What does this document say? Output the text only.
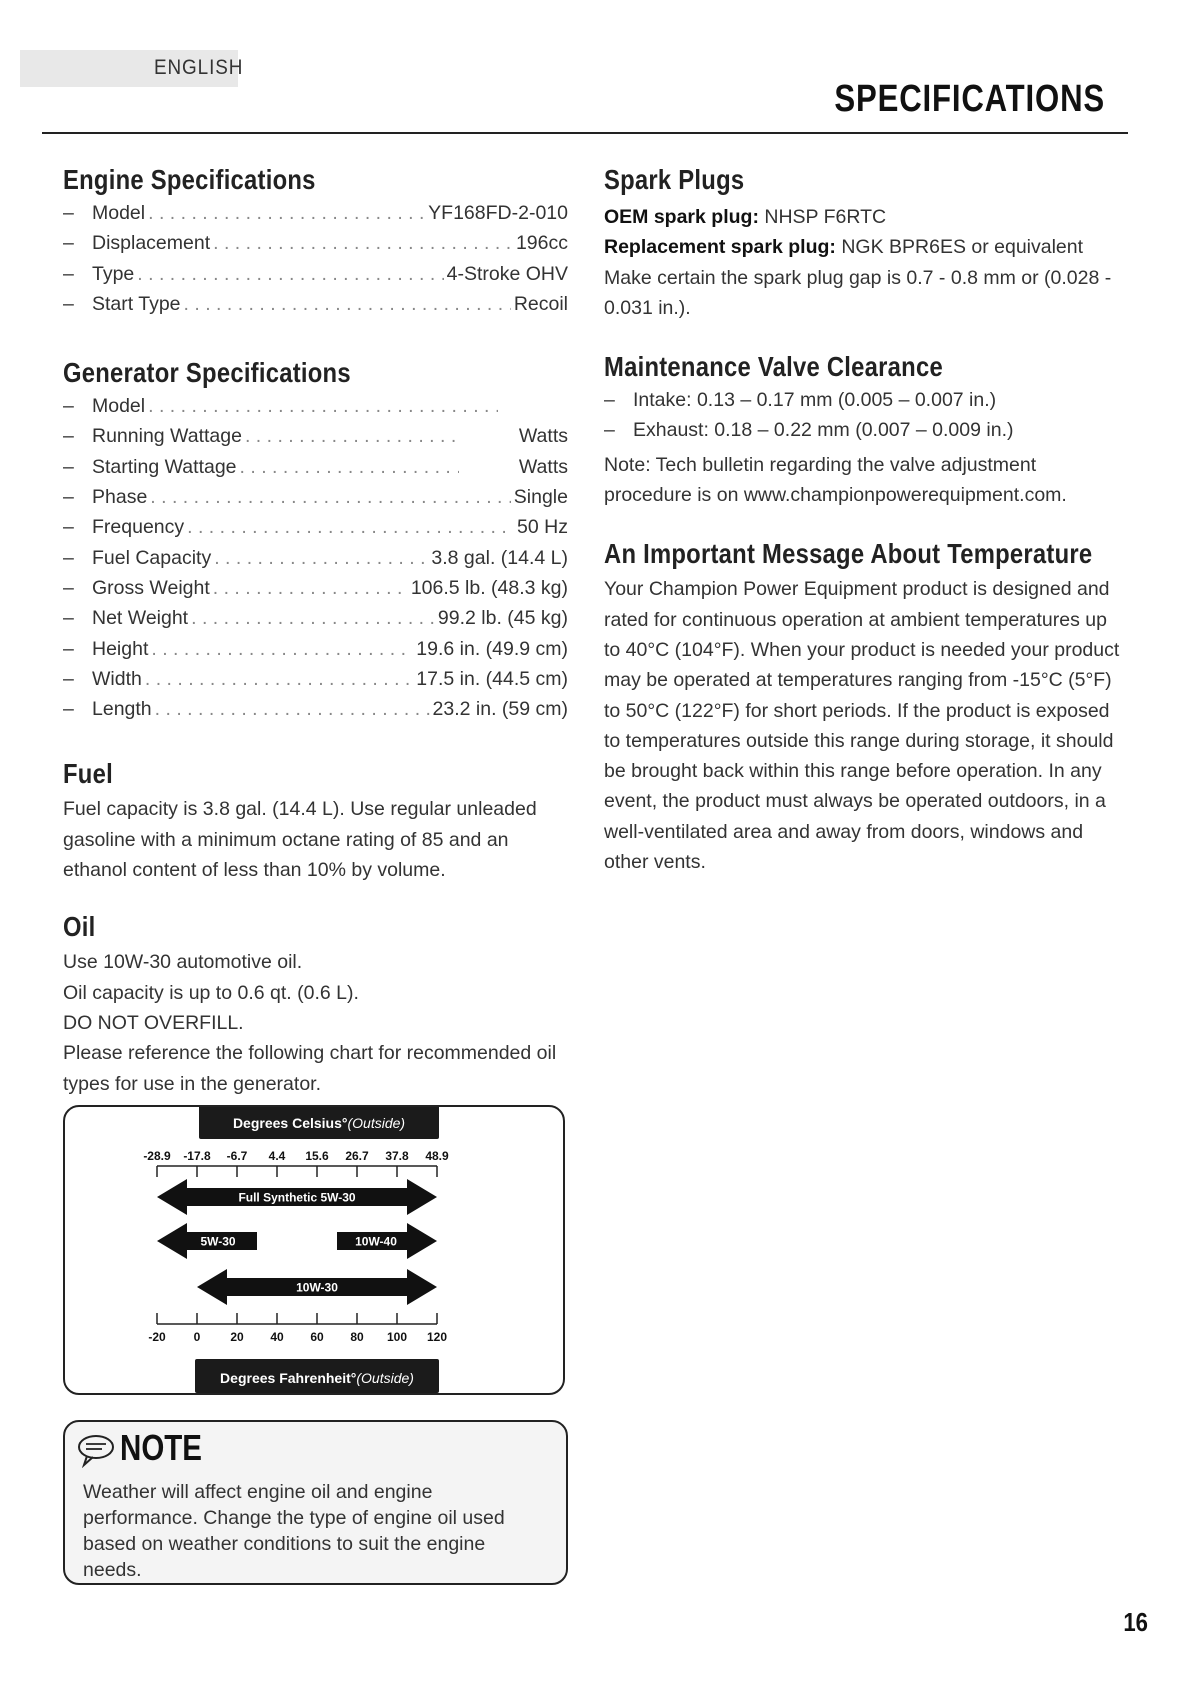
ENGLISH
SPECIFICATIONS
Engine Specifications
– Model . . .	YF168FD-2-010
– Displacement . . .	196cc
– Type . . .	4-Stroke OHV
– Start Type . . .	Recoil
Generator Specifications
– Model
. . .
– Running Wattage . . .	Watts
– Starting Wattage . . .	Watts
– Phase . . .	Single
– Frequency . . .	50 Hz
– Fuel Capacity . . .	3.8 gal. (14.4 L)
– Gross Weight . . .	106.5 lb. (48.3 kg)
– Net Weight . . .	99.2 lb. (45 kg)
– Height . . .	19.6 in. (49.9 cm)
– Width . . .	17.5 in. (44.5 cm)
– Length . . .	23.2 in. (59 cm)
Fuel

Fuel capacity is 3.8 gal. (14.4 L). Use regular unleaded gasoline with a minimum octane rating of 85 and an ethanol content of less than 10% by volume.

Oil

Use 10W-30 automotive oil.

Oil capacity is up to 0.6 qt. (0.6 L).

DO NOT OVERFILL.

Please reference the following chart for recommended oil types for use in the generator.

Degrees Celsius°(Outside)
Degrees Fahrenheit°(Outside)
-28.9 -17.8 -6.7 4.4 15.6 26.7 37.8 48.9
-20 0 20 40 60 80 100 120
Full Synthetic 5W-30
5W-30	10W-40
10W-30
NOTE
Weather will affect engine oil and engine performance. Change the type of engine oil used based on weather conditions to suit the engine needs.
Spark Plugs

OEM spark plug: NHSP F6RTC

Replacement spark plug: NGK BPR6ES or equivalent

Make certain the spark plug gap is 0.7 - 0.8 mm or (0.028 - 0.031 in.).

Maintenance Valve Clearance
– Intake: 0.13 – 0.17 mm (0.005 – 0.007 in.)
– Exhaust: 0.18 – 0.22 mm (0.007 – 0.009 in.)

Note: Tech bulletin regarding the valve adjustment procedure is on www.championpowerequipment.com.

An Important Message About Temperature

Your Champion Power Equipment product is designed and rated for continuous operation at ambient temperatures up to 40°C (104°F). When your product is needed your product may be operated at temperatures ranging from -15°C (5°F) to 50°C (122°F) for short periods. If the product is exposed to temperatures outside this range during storage, it should be brought back within this range before operation. In any event, the product must always be operated outdoors, in a well-ventilated area and away from doors, windows and other vents.

16
